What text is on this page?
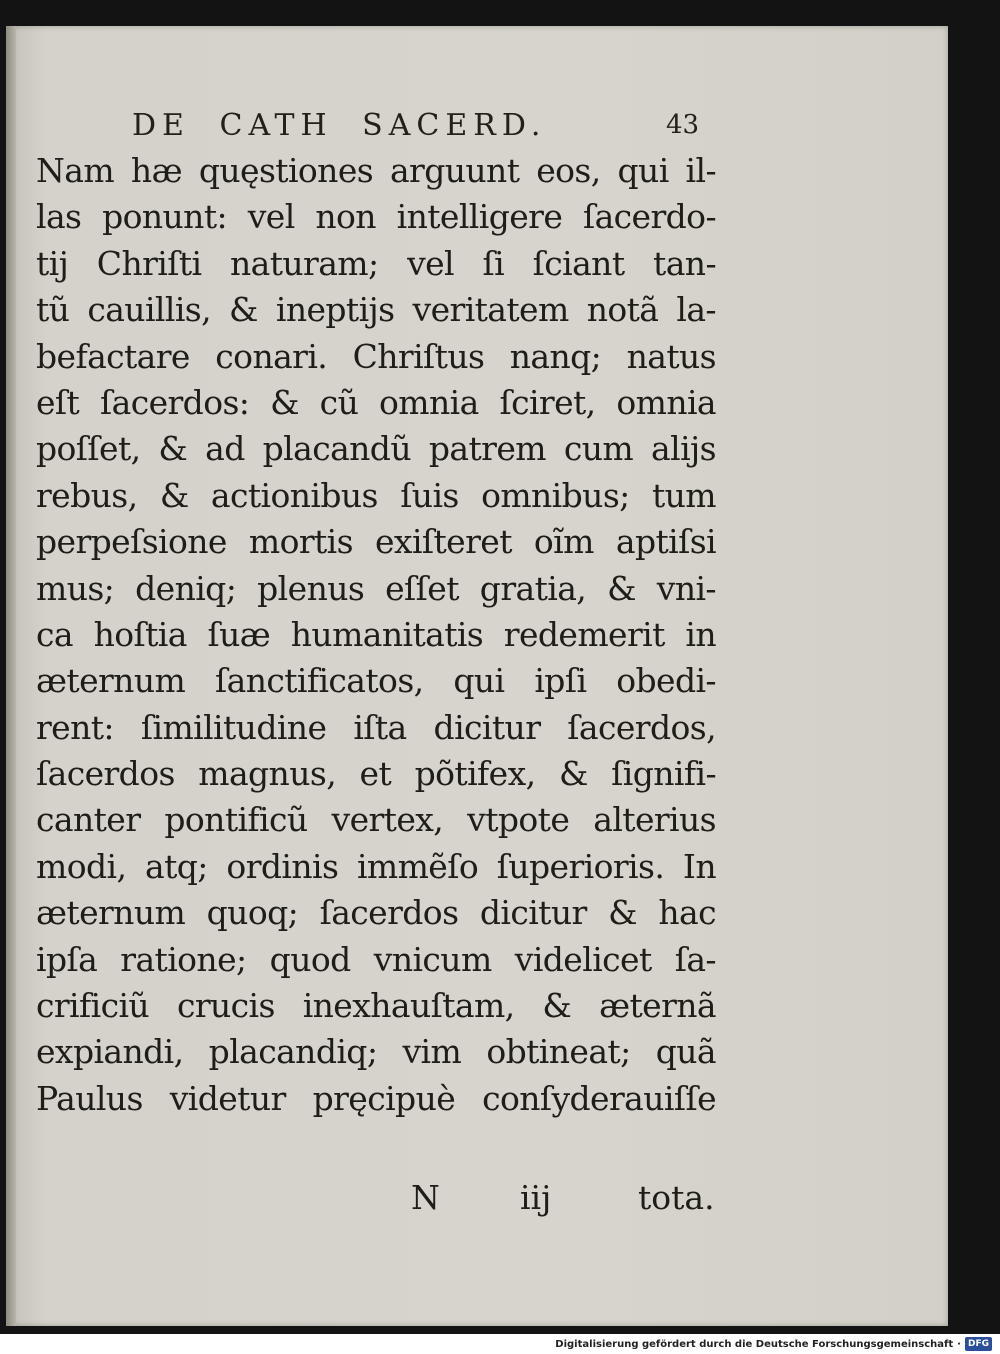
DE CATH SACERD.	43
Nam hæ quęstiones arguunt eos, qui il-
las ponunt: vel non intelligere ſacerdo-
tij Chriſti naturam; vel ſi ſciant tan-
tũ cauillis, & ineptijs veritatem notã la-
befactare conari. Chriſtus nanq; natus
eſt ſacerdos: & cũ omnia ſciret, omnia
poſſet, & ad placandũ patrem cum alijs
rebus, & actionibus ſuis omnibus; tum
perpeſsione mortis exiſteret oĩm aptiſsi
mus; deniq; plenus eſſet gratia, & vni-
ca hoſtia ſuæ humanitatis redemerit in
æternum ſanctificatos, qui ipſi obedi-
rent: ſimilitudine iſta dicitur ſacerdos,
ſacerdos magnus, et põtifex, & ſignifi-
canter pontificũ vertex, vtpote alterius
modi, atq; ordinis immẽſo ſuperioris. In
æternum quoq; ſacerdos dicitur & hac
ipſa ratione; quod vnicum videlicet ſa-
crificiũ crucis inexhauſtam, & æternã
expiandi, placandiq; vim obtineat; quã
Paulus videtur pręcipuè conſyderauiſſe
N iij	tota.
Digitalisierung gefördert durch die Deutsche Forschungsgemeinschaft · DFG
